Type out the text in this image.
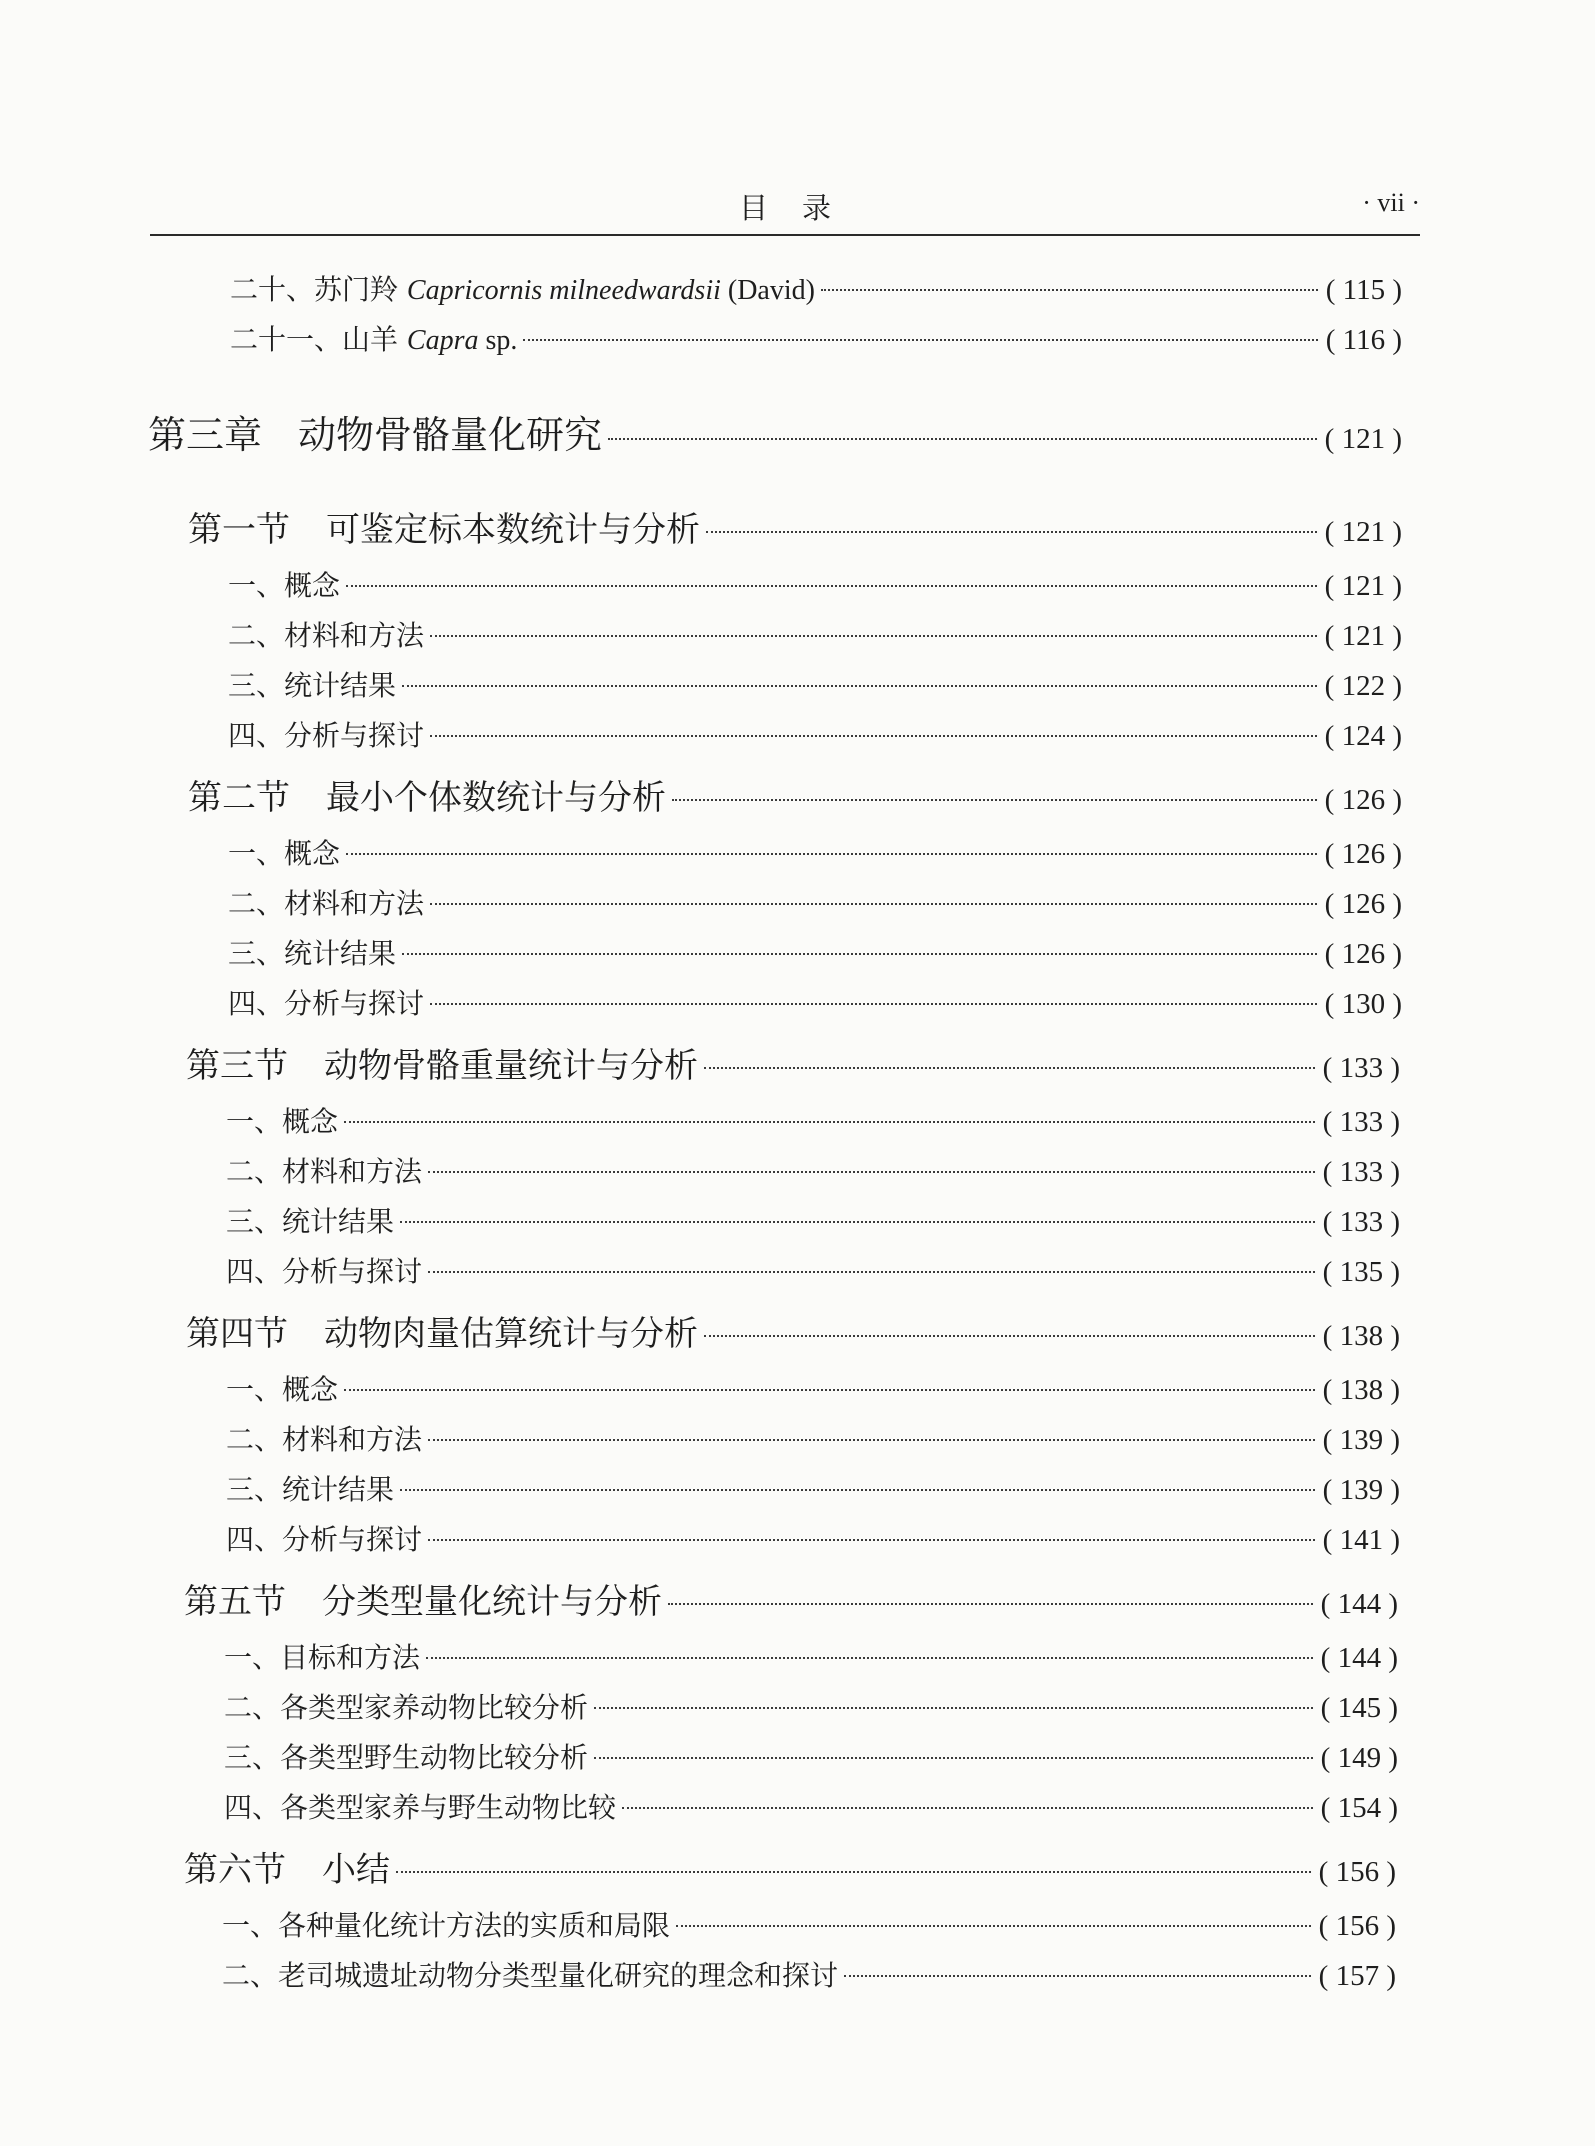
目录	· vii ·
二十、苏门羚 Capricornis milneedwardsii (David)	( 115 )
二十一、山羊 Capra sp.	( 116 )
第三章 动物骨骼量化研究	( 121 )
第一节 可鉴定标本数统计与分析	( 121 )
一、概念	( 121 )
二、材料和方法	( 121 )
三、统计结果	( 122 )
四、分析与探讨	( 124 )
第二节 最小个体数统计与分析	( 126 )
一、概念	( 126 )
二、材料和方法	( 126 )
三、统计结果	( 126 )
四、分析与探讨	( 130 )
第三节 动物骨骼重量统计与分析	( 133 )
一、概念	( 133 )
二、材料和方法	( 133 )
三、统计结果	( 133 )
四、分析与探讨	( 135 )
第四节 动物肉量估算统计与分析	( 138 )
一、概念	( 138 )
二、材料和方法	( 139 )
三、统计结果	( 139 )
四、分析与探讨	( 141 )
第五节 分类型量化统计与分析	( 144 )
一、目标和方法	( 144 )
二、各类型家养动物比较分析	( 145 )
三、各类型野生动物比较分析	( 149 )
四、各类型家养与野生动物比较	( 154 )
第六节 小结	( 156 )
一、各种量化统计方法的实质和局限	( 156 )
二、老司城遗址动物分类型量化研究的理念和探讨	( 157 )
